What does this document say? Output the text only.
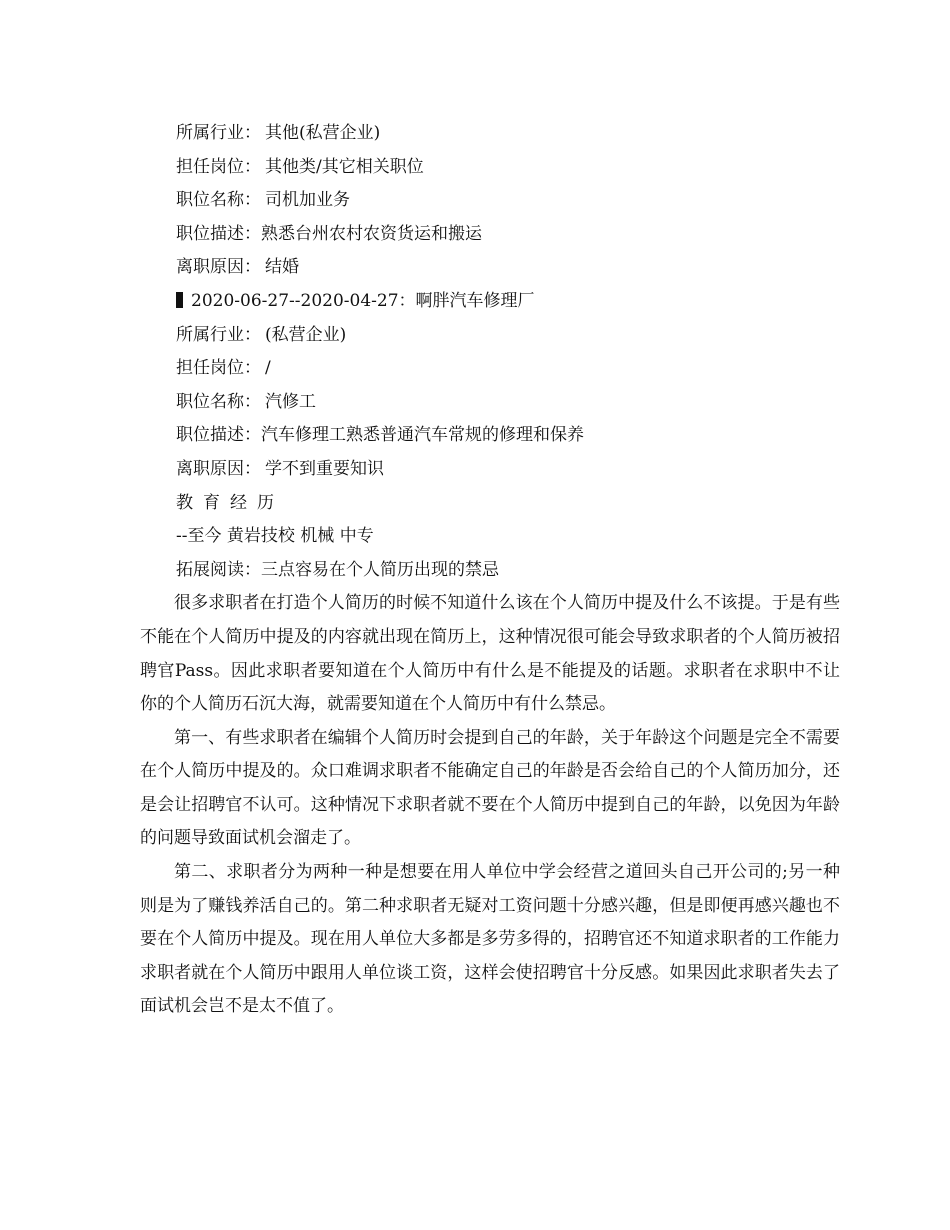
所属行业： 其他(私营企业)
担任岗位： 其他类/其它相关职位
职位名称： 司机加业务
职位描述：熟悉台州农村农资货运和搬运
离职原因： 结婚
2020-06-27--2020-04-27：啊胖汽车修理厂
所属行业： (私营企业)
担任岗位： /
职位名称： 汽修工
职位描述：汽车修理工熟悉普通汽车常规的修理和保养
离职原因： 学不到重要知识
教育经历
--至今 黄岩技校 机械 中专
拓展阅读：三点容易在个人简历出现的禁忌

很多求职者在打造个人简历的时候不知道什么该在个人简历中提及什么不该提。于是有些不能在个人简历中提及的内容就出现在简历上，这种情况很可能会导致求职者的个人简历被招聘官Pass。因此求职者要知道在个人简历中有什么是不能提及的话题。求职者在求职中不让你的个人简历石沉大海，就需要知道在个人简历中有什么禁忌。

第一、有些求职者在编辑个人简历时会提到自己的年龄，关于年龄这个问题是完全不需要在个人简历中提及的。众口难调求职者不能确定自己的年龄是否会给自己的个人简历加分，还是会让招聘官不认可。这种情况下求职者就不要在个人简历中提到自己的年龄，以免因为年龄的问题导致面试机会溜走了。

第二、求职者分为两种一种是想要在用人单位中学会经营之道回头自己开公司的;另一种则是为了赚钱养活自己的。第二种求职者无疑对工资问题十分感兴趣，但是即便再感兴趣也不要在个人简历中提及。现在用人单位大多都是多劳多得的，招聘官还不知道求职者的工作能力求职者就在个人简历中跟用人单位谈工资，这样会使招聘官十分反感。如果因此求职者失去了面试机会岂不是太不值了。
